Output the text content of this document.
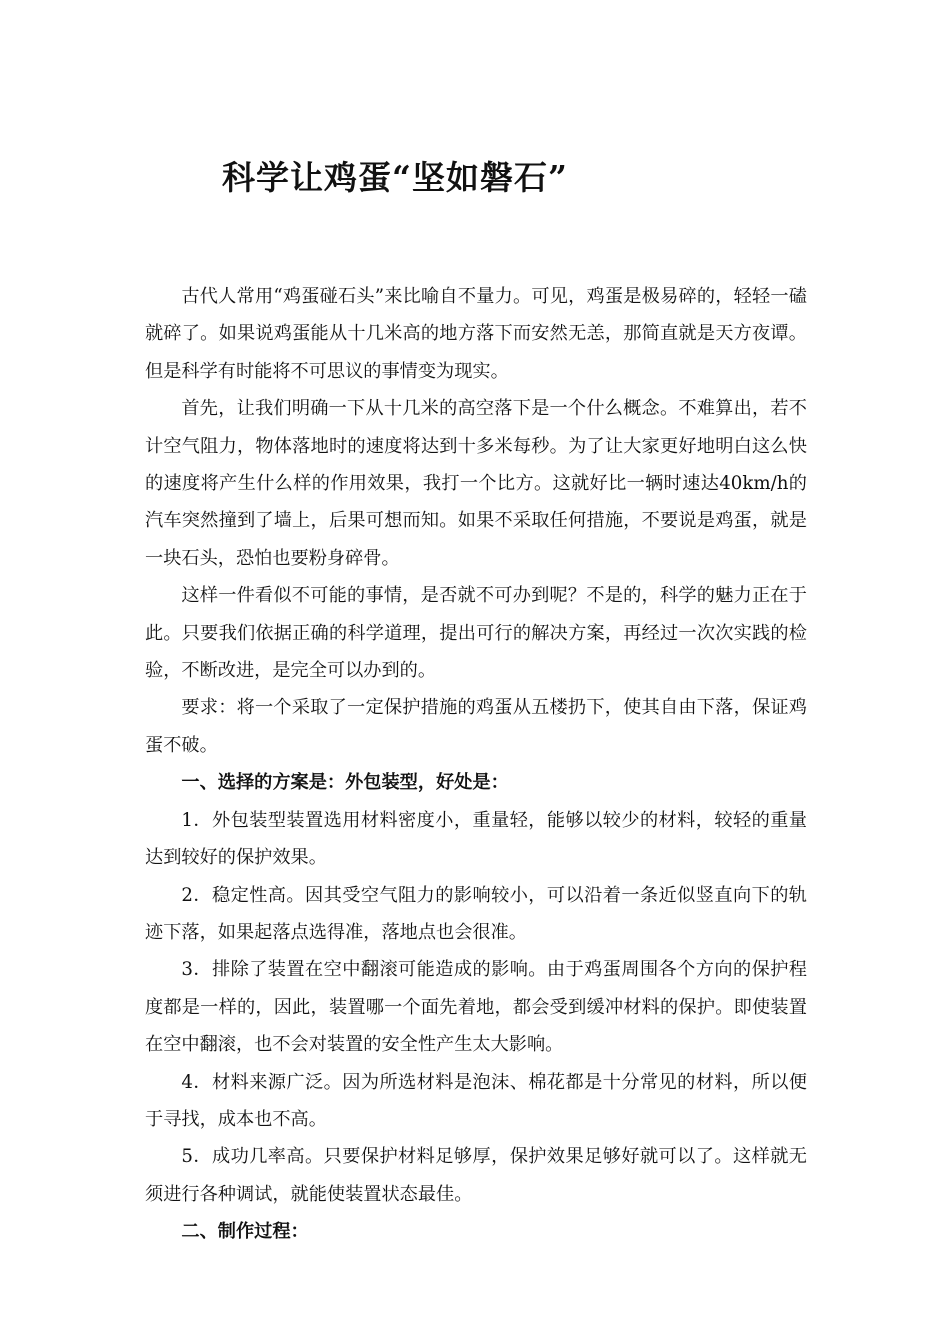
科学让鸡蛋“坚如磐石”

古代人常用“鸡蛋碰石头”来比喻自不量力。可见，鸡蛋是极易碎的，轻轻一磕就碎了。如果说鸡蛋能从十几米高的地方落下而安然无恙，那简直就是天方夜谭。但是科学有时能将不可思议的事情变为现实。

首先，让我们明确一下从十几米的高空落下是一个什么概念。不难算出，若不计空气阻力，物体落地时的速度将达到十多米每秒。为了让大家更好地明白这么快的速度将产生什么样的作用效果，我打一个比方。这就好比一辆时速达40km/h的汽车突然撞到了墙上，后果可想而知。如果不采取任何措施，不要说是鸡蛋，就是一块石头，恐怕也要粉身碎骨。

这样一件看似不可能的事情，是否就不可办到呢？不是的，科学的魅力正在于此。只要我们依据正确的科学道理，提出可行的解决方案，再经过一次次实践的检验，不断改进，是完全可以办到的。

要求：将一个采取了一定保护措施的鸡蛋从五楼扔下，使其自由下落，保证鸡蛋不破。

一、选择的方案是：外包装型，好处是：

1．外包装型装置选用材料密度小，重量轻，能够以较少的材料，较轻的重量达到较好的保护效果。

2．稳定性高。因其受空气阻力的影响较小，可以沿着一条近似竖直向下的轨迹下落，如果起落点选得准，落地点也会很准。

3．排除了装置在空中翻滚可能造成的影响。由于鸡蛋周围各个方向的保护程度都是一样的，因此，装置哪一个面先着地，都会受到缓冲材料的保护。即使装置在空中翻滚，也不会对装置的安全性产生太大影响。

4．材料来源广泛。因为所选材料是泡沫、棉花都是十分常见的材料，所以便于寻找，成本也不高。

5．成功几率高。只要保护材料足够厚，保护效果足够好就可以了。这样就无须进行各种调试，就能使装置状态最佳。

二、制作过程：
